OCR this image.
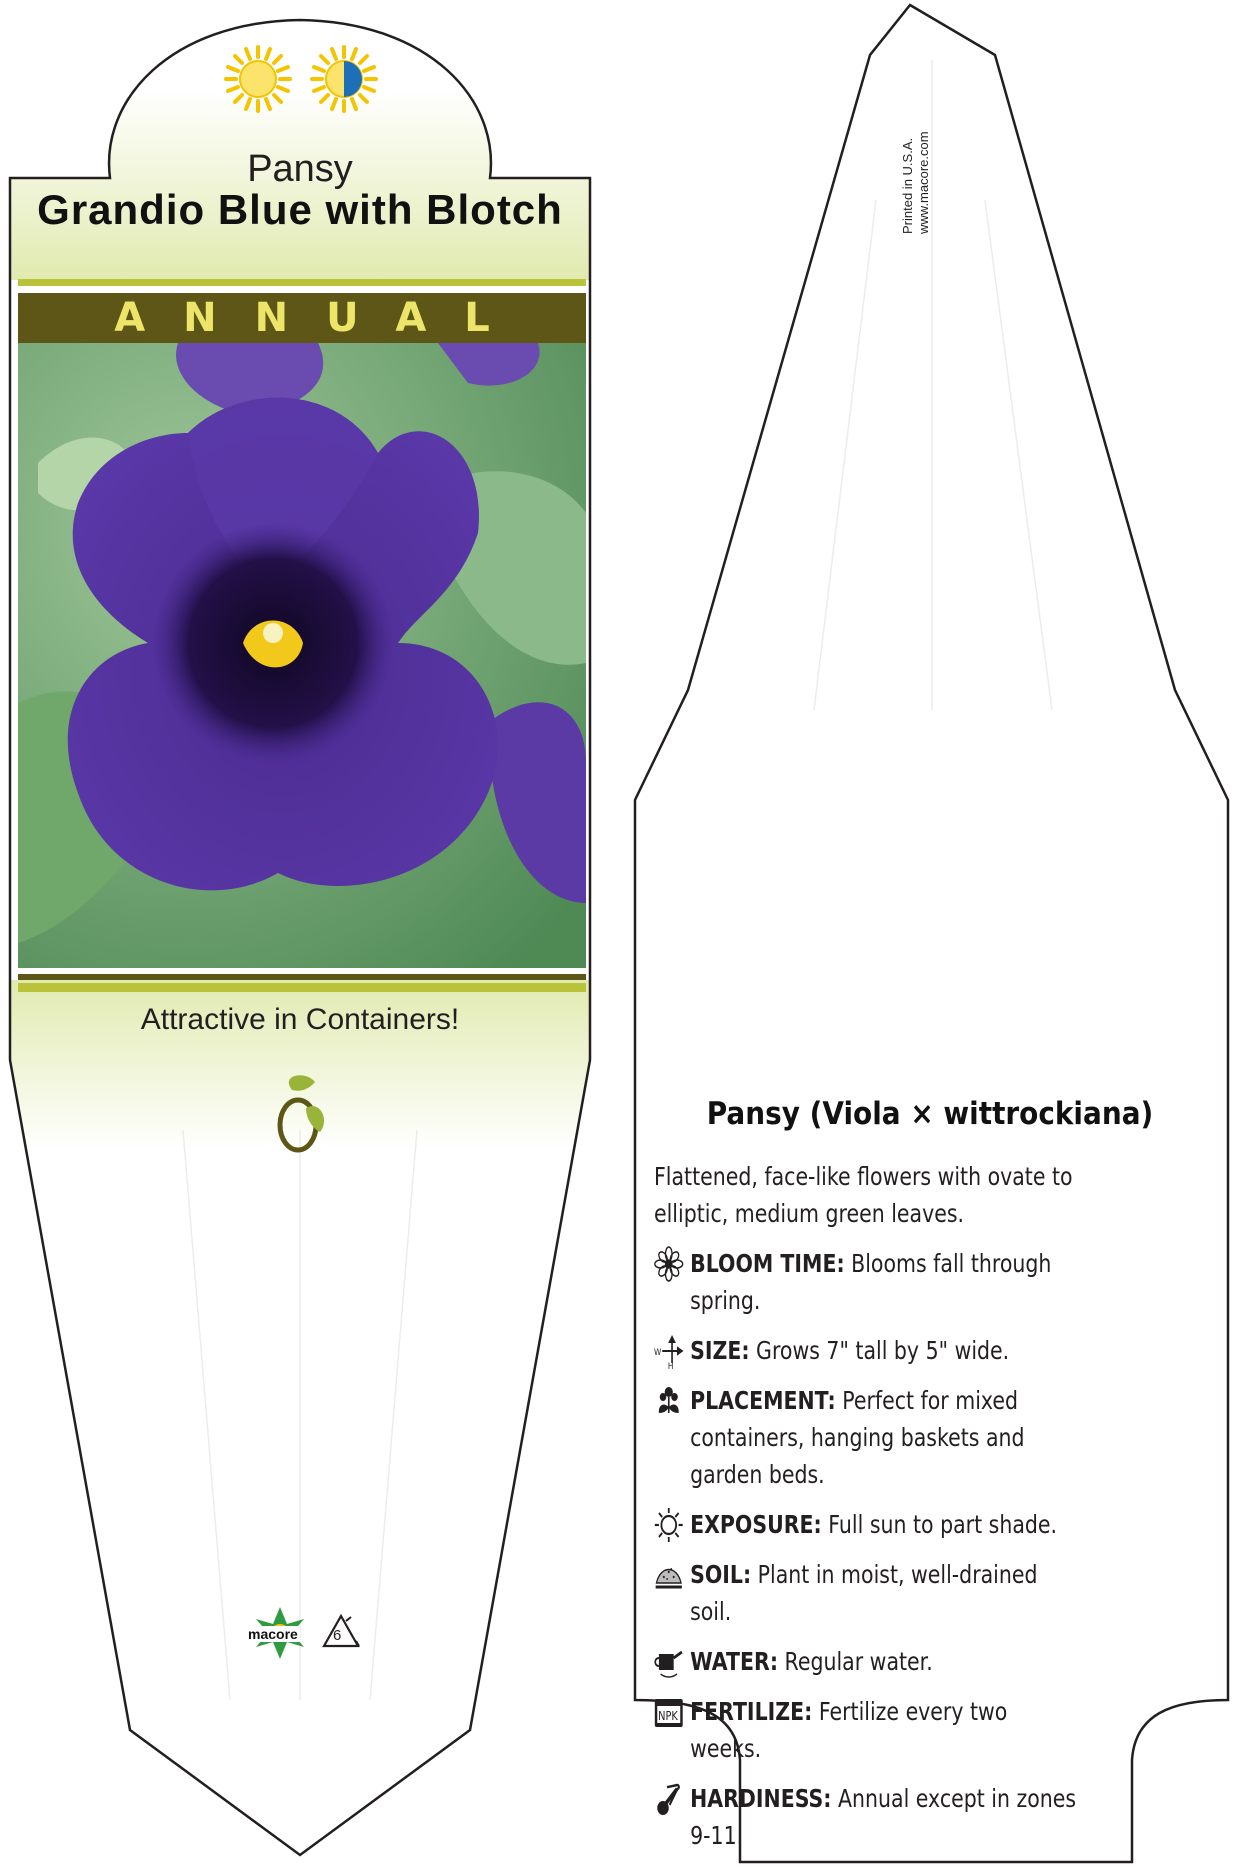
Pansy
Grandio Blue with Blotch
ANNUAL
Attractive in Containers!
macore 6
Printed in U.S.A. www.macore.com
Pansy (Viola × wittrockiana)

Flattened, face-like flowers with ovate to elliptic, medium green leaves.

BLOOM TIME: Blooms fall through spring.
W
H
SIZE: Grows 7" tall by 5" wide.
PLACEMENT: Perfect for mixed containers, hanging baskets and garden beds.
EXPOSURE: Full sun to part shade.
SOIL: Plant in moist, well-drained soil.
WATER: Regular water.
NPK FERTILIZE: Fertilize every two weeks.
HARDINESS: Annual except in zones 9-11.
